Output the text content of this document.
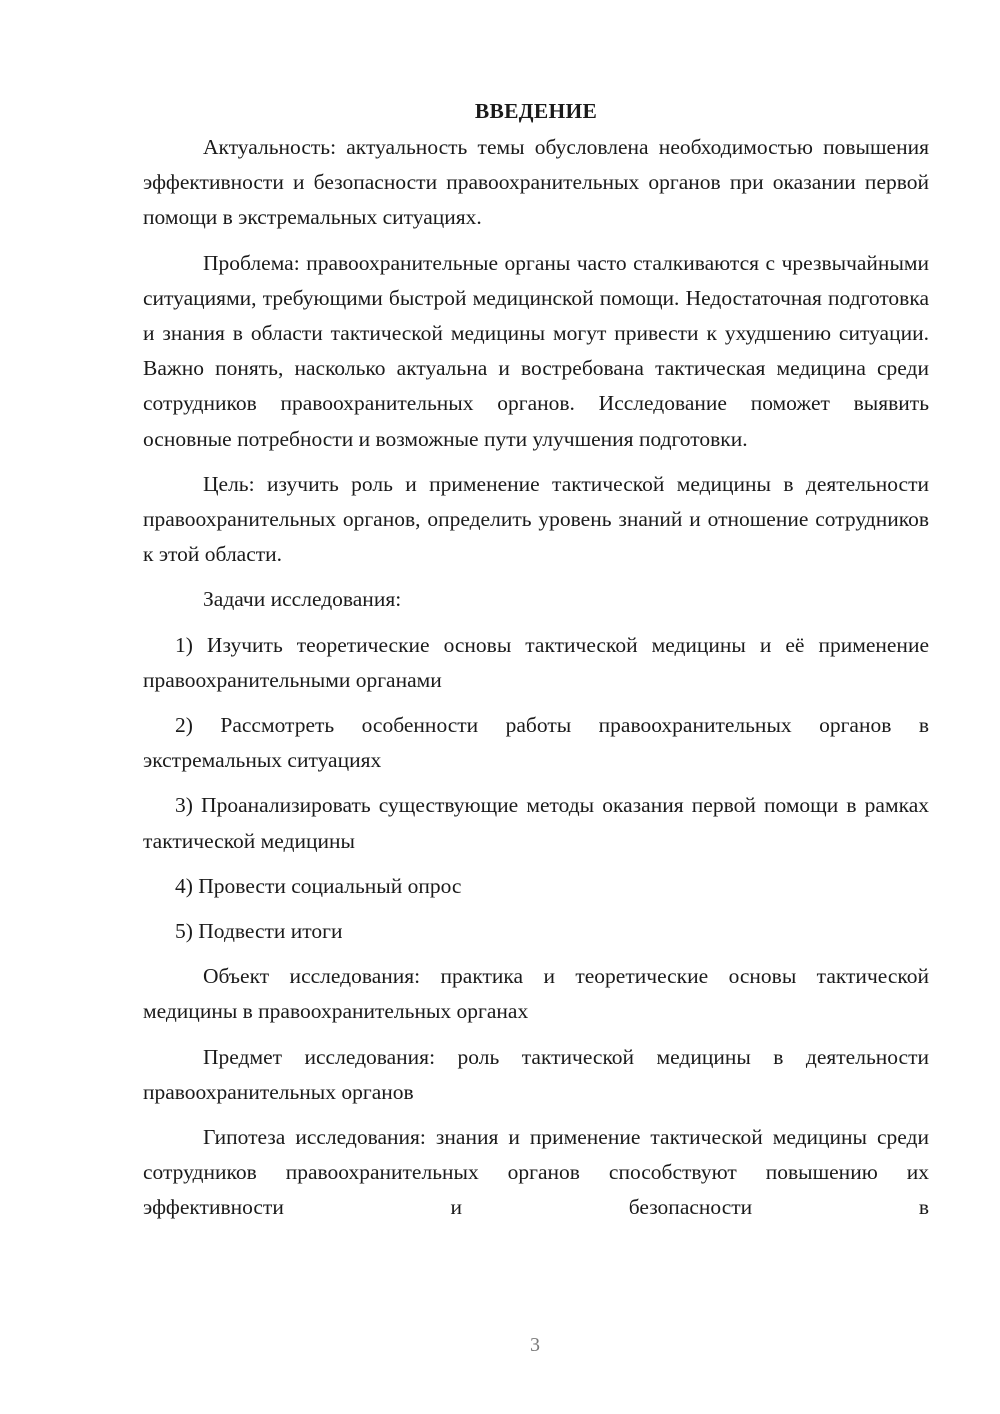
ВВЕДЕНИЕ

Актуальность: актуальность темы обусловлена необходимостью повышения эффективности и безопасности правоохранительных органов при оказании первой помощи в экстремальных ситуациях.

Проблема: правоохранительные органы часто сталкиваются с чрезвычайными ситуациями, требующими быстрой медицинской помощи. Недостаточная подготовка и знания в области тактической медицины могут привести к ухудшению ситуации. Важно понять, насколько актуальна и востребована тактическая медицина среди сотрудников правоохранительных органов. Исследование поможет выявить основные потребности и возможные пути улучшения подготовки.

Цель: изучить роль и применение тактической медицины в деятельности правоохранительных органов, определить уровень знаний и отношение сотрудников к этой области.

Задачи исследования:

1) Изучить теоретические основы тактической медицины и её применение правоохранительными органами

2) Рассмотреть особенности работы правоохранительных органов в экстремальных ситуациях

3) Проанализировать существующие методы оказания первой помощи в рамках тактической медицины

4) Провести социальный опрос

5) Подвести итоги

Объект исследования: практика и теоретические основы тактической медицины в правоохранительных органах

Предмет исследования: роль тактической медицины в деятельности правоохранительных органов

Гипотеза исследования: знания и применение тактической медицины среди сотрудников правоохранительных органов способствуют повышению их эффективности и безопасности в

3
